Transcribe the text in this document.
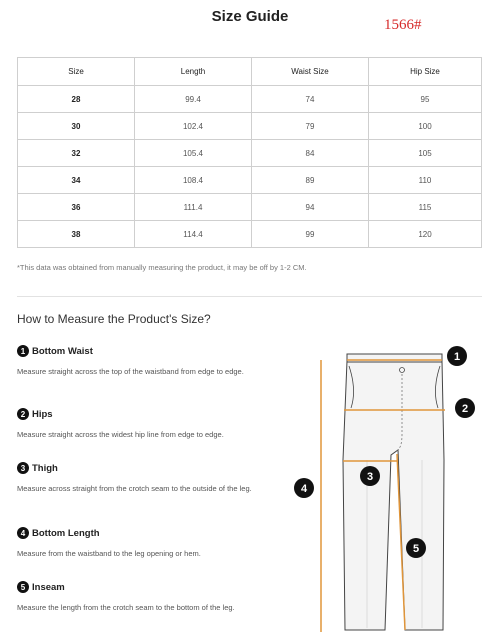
Size Guide	1566#
Size	Length	Waist Size	Hip Size
28	99.4	74	95
30	102.4	79	100
32	105.4	84	105
34	108.4	89	110
36	111.4	94	115
38	114.4	99	120
*This data was obtained from manually measuring the product, it may be off by 1-2 CM.
How to Measure the Product's Size?
1 Bottom Waist
Measure straight across the top of the waistband from edge to edge.
2 Hips
Measure straight across the widest hip line from edge to edge.
3 Thigh
Measure across straight from the crotch seam to the outside of the leg.
4 Bottom Length
Measure from the waistband to the leg opening or hem.
5 Inseam
Measure the length from the crotch seam to the bottom of the leg.
1
2
3
4
5
